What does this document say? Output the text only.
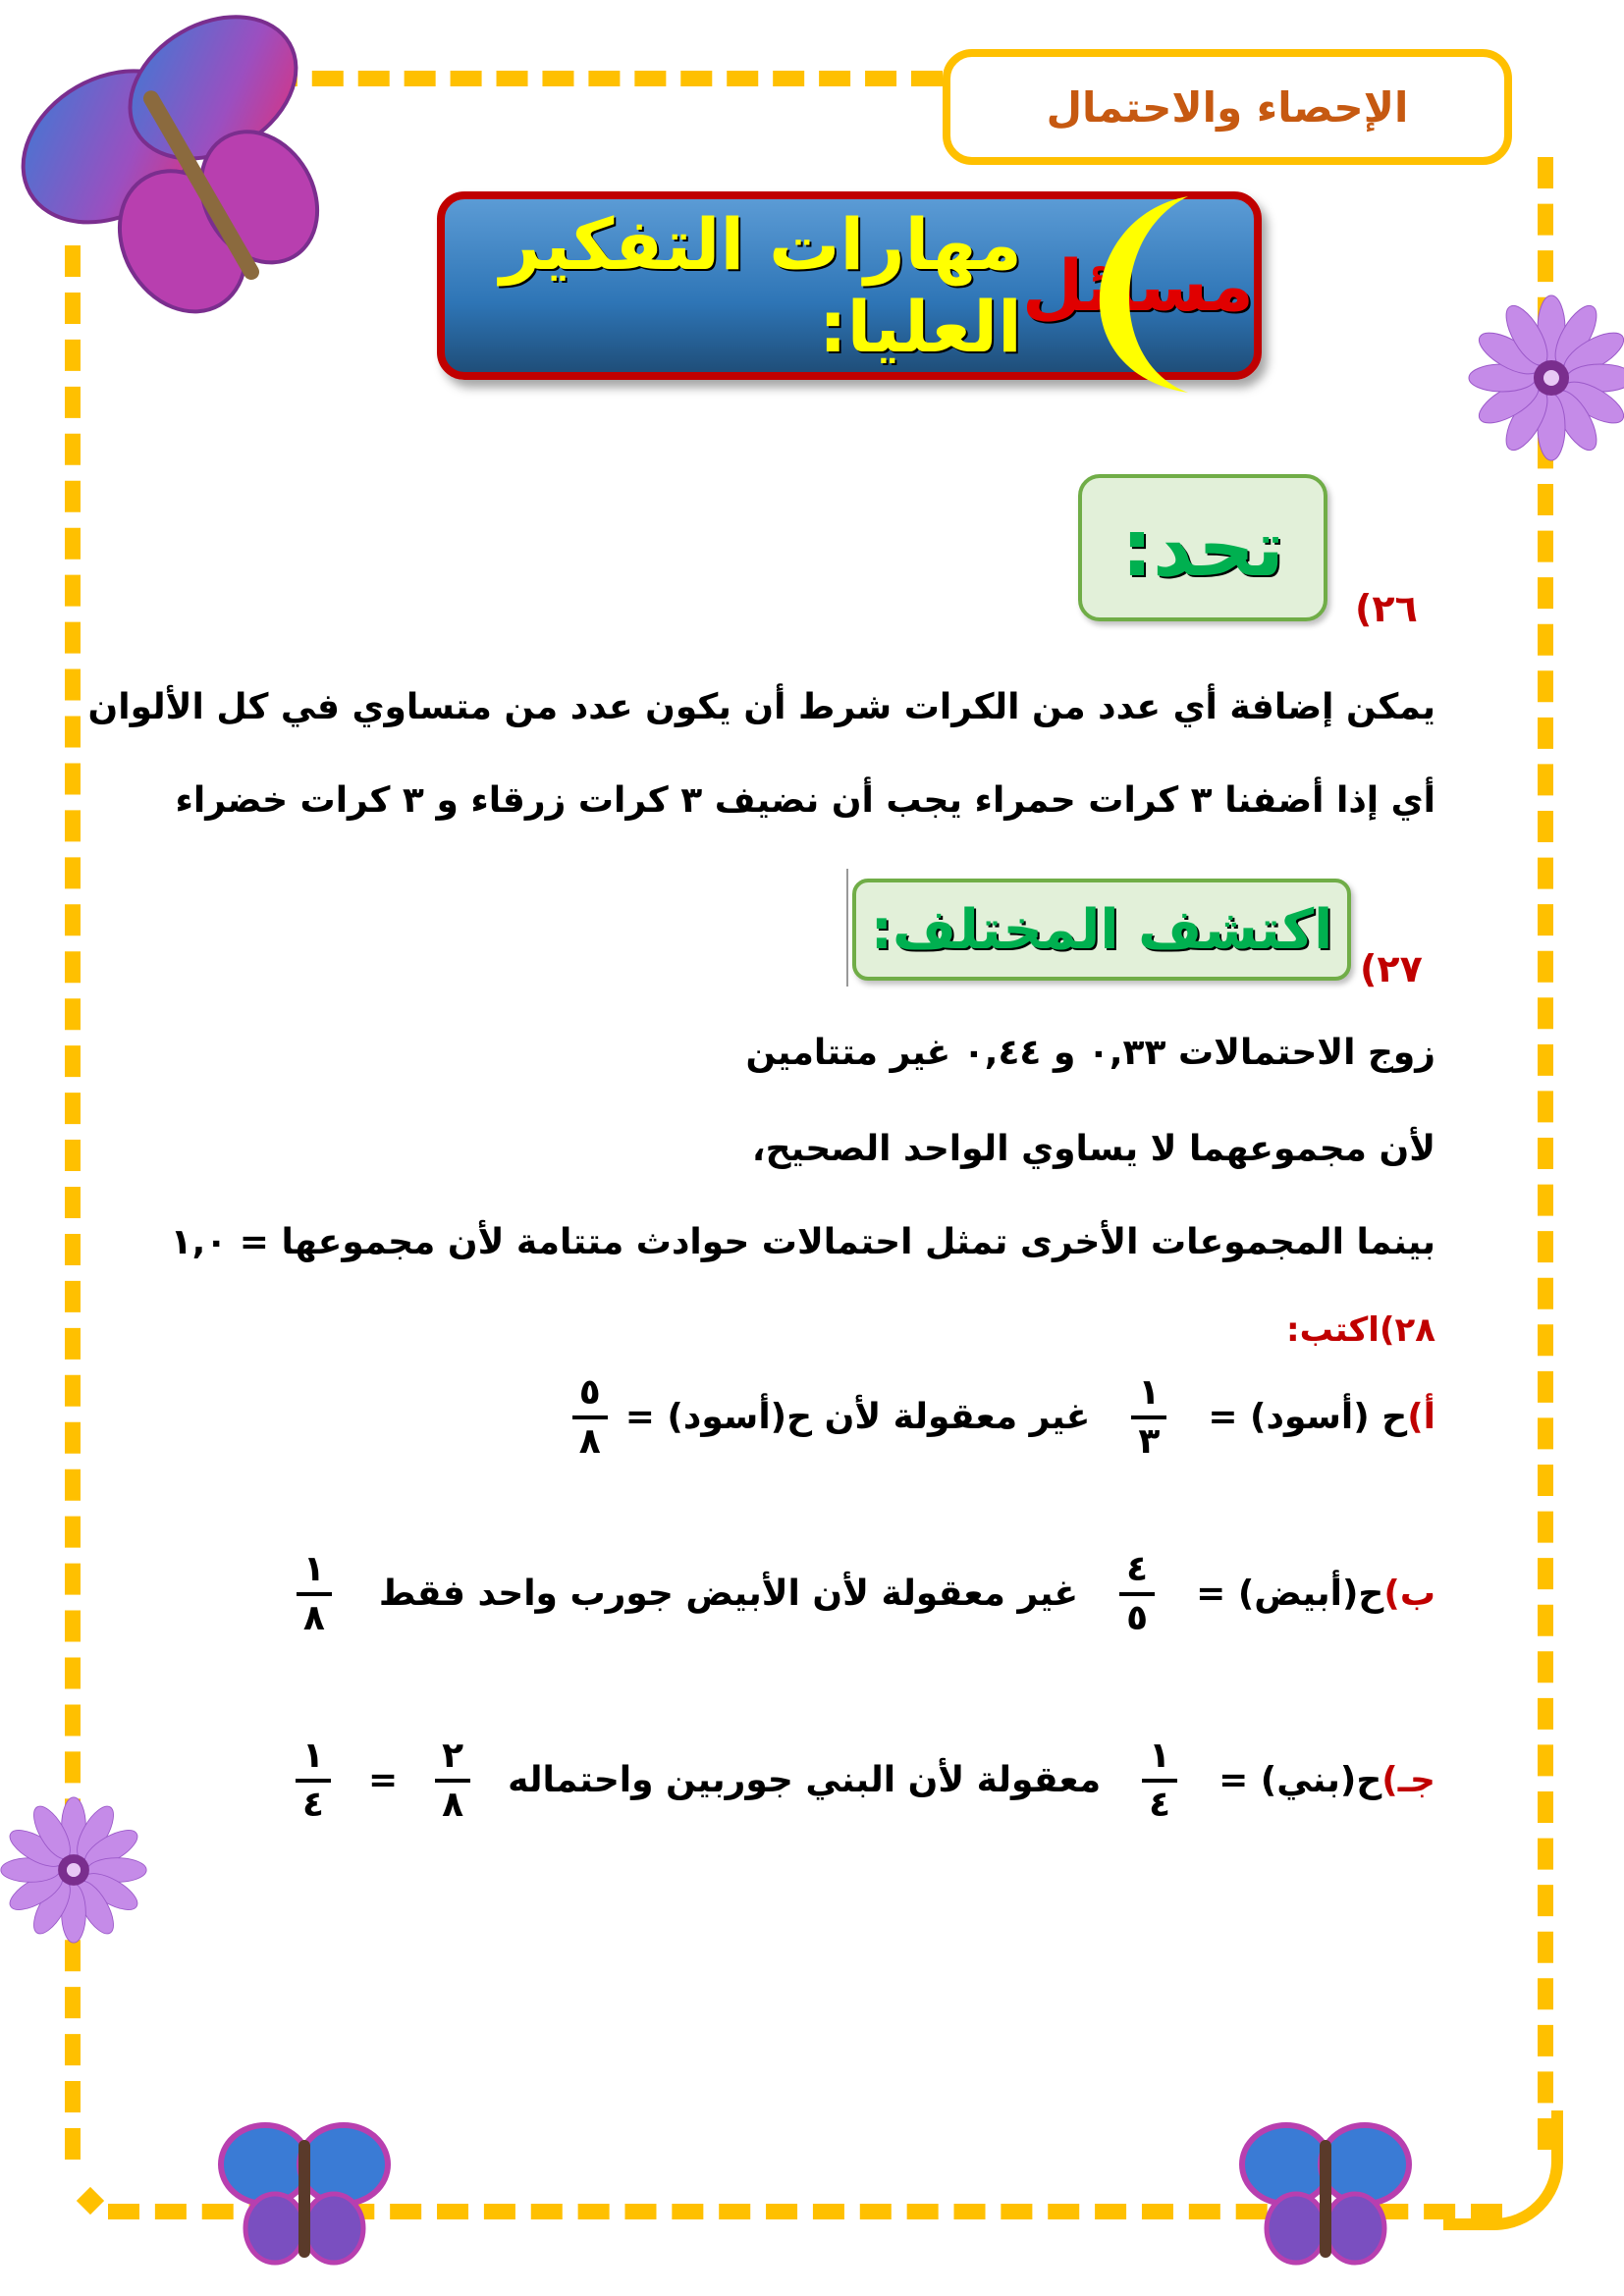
الإحصاء والاحتمال
مسائل
مهارات التفكير العليا:
تحد:
٢٦)
يمكن إضافة أي عدد من الكرات شرط أن يكون عدد من متساوي في كل الألوان
أي إذا أضفنا ٣ كرات حمراء يجب أن نضيف ٣ كرات زرقاء و ٣ كرات خضراء
اكتشف المختلف:
٢٧)
زوج الاحتمالات ٠,٣٣ و ٠,٤٤ غير متتامين
لأن مجموعهما لا يساوي الواحد الصحيح،
بينما المجموعات الأخرى تمثل احتمالات حوادث متتامة لأن مجموعها = ١,٠
٢٨)اكتب:
أ)ح (أسود) =
$\frac{١}{٣}$
غير معقولة لأن ح(أسود) =
$\frac{٥}{٨}$
ب)ح(أبيض) =
$\frac{٤}{٥}$
غير معقولة لأن الأبيض جورب واحد فقط
$\frac{١}{٨}$
جـ)ح(بني) =
$\frac{١}{٤}$
معقولة لأن البني جوربين واحتماله
$\frac{٢}{٨}$
=
$\frac{١}{٤}$
